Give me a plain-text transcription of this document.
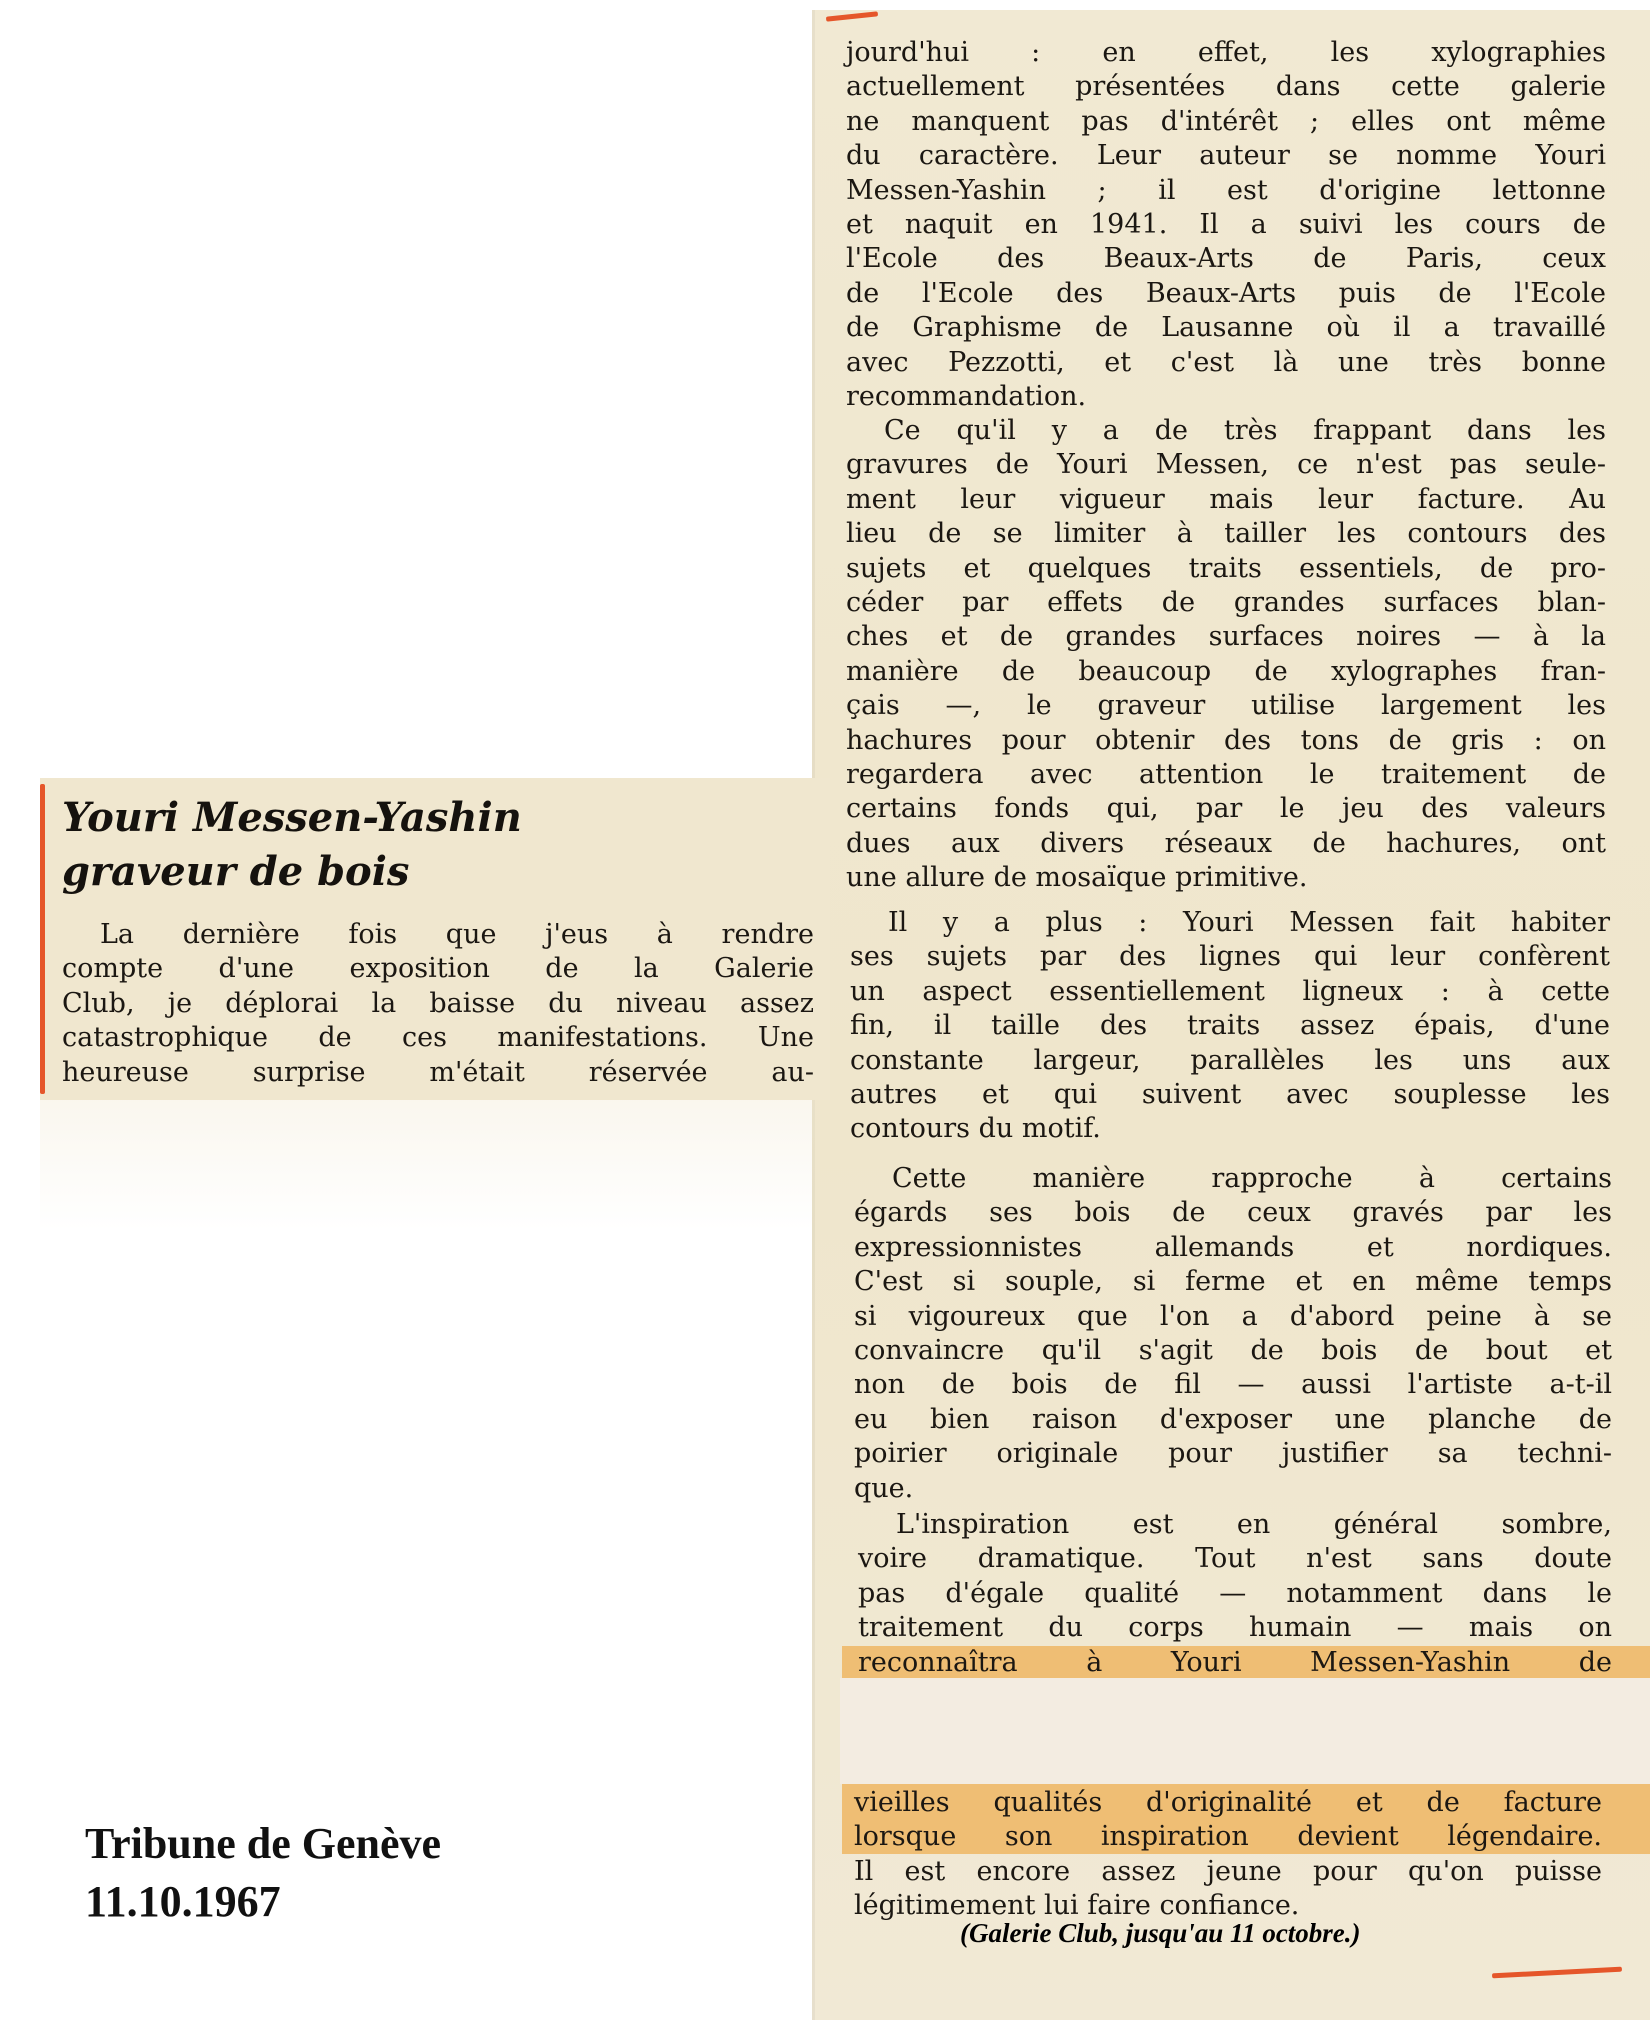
jourd'hui : en effet, les xylographies
actuellement présentées dans cette galerie
ne manquent pas d'intérêt ; elles ont même
du caractère. Leur auteur se nomme Youri
Messen-Yashin ; il est d'origine lettonne
et naquit en 1941. Il a suivi les cours de
l'Ecole des Beaux-Arts de Paris, ceux
de l'Ecole des Beaux-Arts puis de l'Ecole
de Graphisme de Lausanne où il a travaillé
avec Pezzotti, et c'est là une très bonne
recommandation.
Ce qu'il y a de très frappant dans les
gravures de Youri Messen, ce n'est pas seule-
ment leur vigueur mais leur facture. Au
lieu de se limiter à tailler les contours des
sujets et quelques traits essentiels, de pro-
céder par effets de grandes surfaces blan-
ches et de grandes surfaces noires — à la
manière de beaucoup de xylographes fran-
çais —, le graveur utilise largement les
hachures pour obtenir des tons de gris : on
regardera avec attention le traitement de
certains fonds qui, par le jeu des valeurs
dues aux divers réseaux de hachures, ont
une allure de mosaïque primitive.
Il y a plus : Youri Messen fait habiter
ses sujets par des lignes qui leur confèrent
un aspect essentiellement ligneux : à cette
fin, il taille des traits assez épais, d'une
constante largeur, parallèles les uns aux
autres et qui suivent avec souplesse les
contours du motif.
Cette manière rapproche à certains
égards ses bois de ceux gravés par les
expressionnistes allemands et nordiques.
C'est si souple, si ferme et en même temps
si vigoureux que l'on a d'abord peine à se
convaincre qu'il s'agit de bois de bout et
non de bois de fil — aussi l'artiste a-t-il
eu bien raison d'exposer une planche de
poirier originale pour justifier sa techni-
que.
L'inspiration est en général sombre,
voire dramatique. Tout n'est sans doute
pas d'égale qualité — notamment dans le
traitement du corps humain — mais on
reconnaîtra à Youri Messen-Yashin de
vieilles qualités d'originalité et de facture
lorsque son inspiration devient légendaire.
Il est encore assez jeune pour qu'on puisse
légitimement lui faire confiance.

(Galerie Club, jusqu'au 11 octobre.)

Youri Messen-Yashin
graveur de bois
La dernière fois que j'eus à rendre
compte d'une exposition de la Galerie
Club, je déplorai la baisse du niveau assez
catastrophique de ces manifestations. Une
heureuse surprise m'était réservée au-

Tribune de Genève

11.10.1967
